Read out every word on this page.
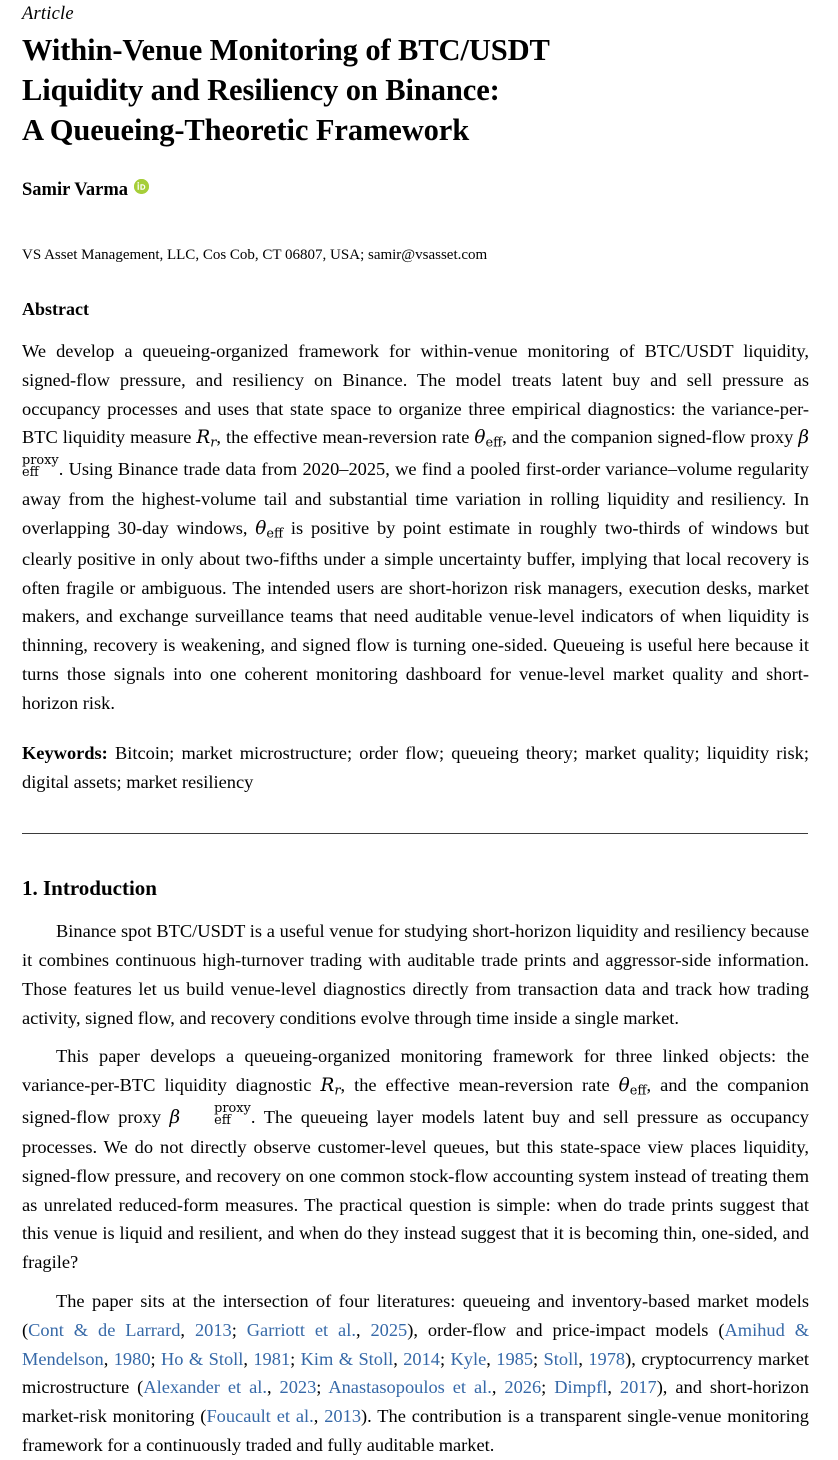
Article
Within-Venue Monitoring of BTC/USDT
Liquidity and Resiliency on Binance:
A Queueing-Theoretic Framework
Samir Varma
VS Asset Management, LLC, Cos Cob, CT 06807, USA; samir@vsasset.com
Abstract
We develop a queueing-organized framework for within-venue monitoring of BTC/USDT liquidity, signed-flow pressure, and resiliency on Binance. The model treats latent buy and sell pressure as occupancy processes and uses that state space to organize three empirical diagnostics: the variance-per-BTC liquidity measure Rr, the effective mean-reversion rate θeff, and the companion signed-flow proxy β
proxy
eff	. Using Binance trade data from 2020–2025, we find a pooled first-order variance–volume regularity away from the highest-volume tail and substantial time variation in rolling liquidity and resiliency. In overlapping 30-day windows, θeff is positive by point estimate in roughly two-thirds of windows but clearly positive in only about two-fifths under a simple uncertainty buffer, implying that local recovery is often fragile or ambiguous. The intended users are short-horizon risk managers, execution desks, market makers, and exchange surveillance teams that need auditable venue-level indicators of when liquidity is thinning, recovery is weakening, and signed flow is turning one-sided. Queueing is useful here because it turns those signals into one coherent monitoring dashboard for venue-level market quality and short-horizon risk.
Keywords: Bitcoin; market microstructure; order flow; queueing theory; market quality; liquidity risk; digital assets; market resiliency
1. Introduction

Binance spot BTC/USDT is a useful venue for studying short-horizon liquidity and resiliency because it combines continuous high-turnover trading with auditable trade prints and aggressor-side information. Those features let us build venue-level diagnostics directly from transaction data and track how trading activity, signed flow, and recovery conditions evolve through time inside a single market.

This paper develops a queueing-organized monitoring framework for three linked objects: the variance-per-BTC liquidity diagnostic Rr, the effective mean-reversion rate θeff, and the companion signed-flow proxy β	proxy
eff	. The queueing layer models latent buy and sell pressure as occupancy processes. We do not directly observe customer-level queues, but this state-space view places liquidity, signed-flow pressure, and recovery on one common stock-flow accounting system instead of treating them as unrelated reduced-form measures. The practical question is simple: when do trade prints suggest that this venue is liquid and resilient, and when do they instead suggest that it is becoming thin, one-sided, and fragile?

The paper sits at the intersection of four literatures: queueing and inventory-based market models (Cont & de Larrard, 2013; Garriott et al., 2025), order-flow and price-impact models (Amihud & Mendelson, 1980; Ho & Stoll, 1981; Kim & Stoll, 2014; Kyle, 1985; Stoll, 1978), cryptocurrency market microstructure (Alexander et al., 2023; Anastasopoulos et al., 2026; Dimpfl, 2017), and short-horizon market-risk monitoring (Foucault et al., 2013). The contribution is a transparent single-venue monitoring framework for a continuously traded and fully auditable market.
